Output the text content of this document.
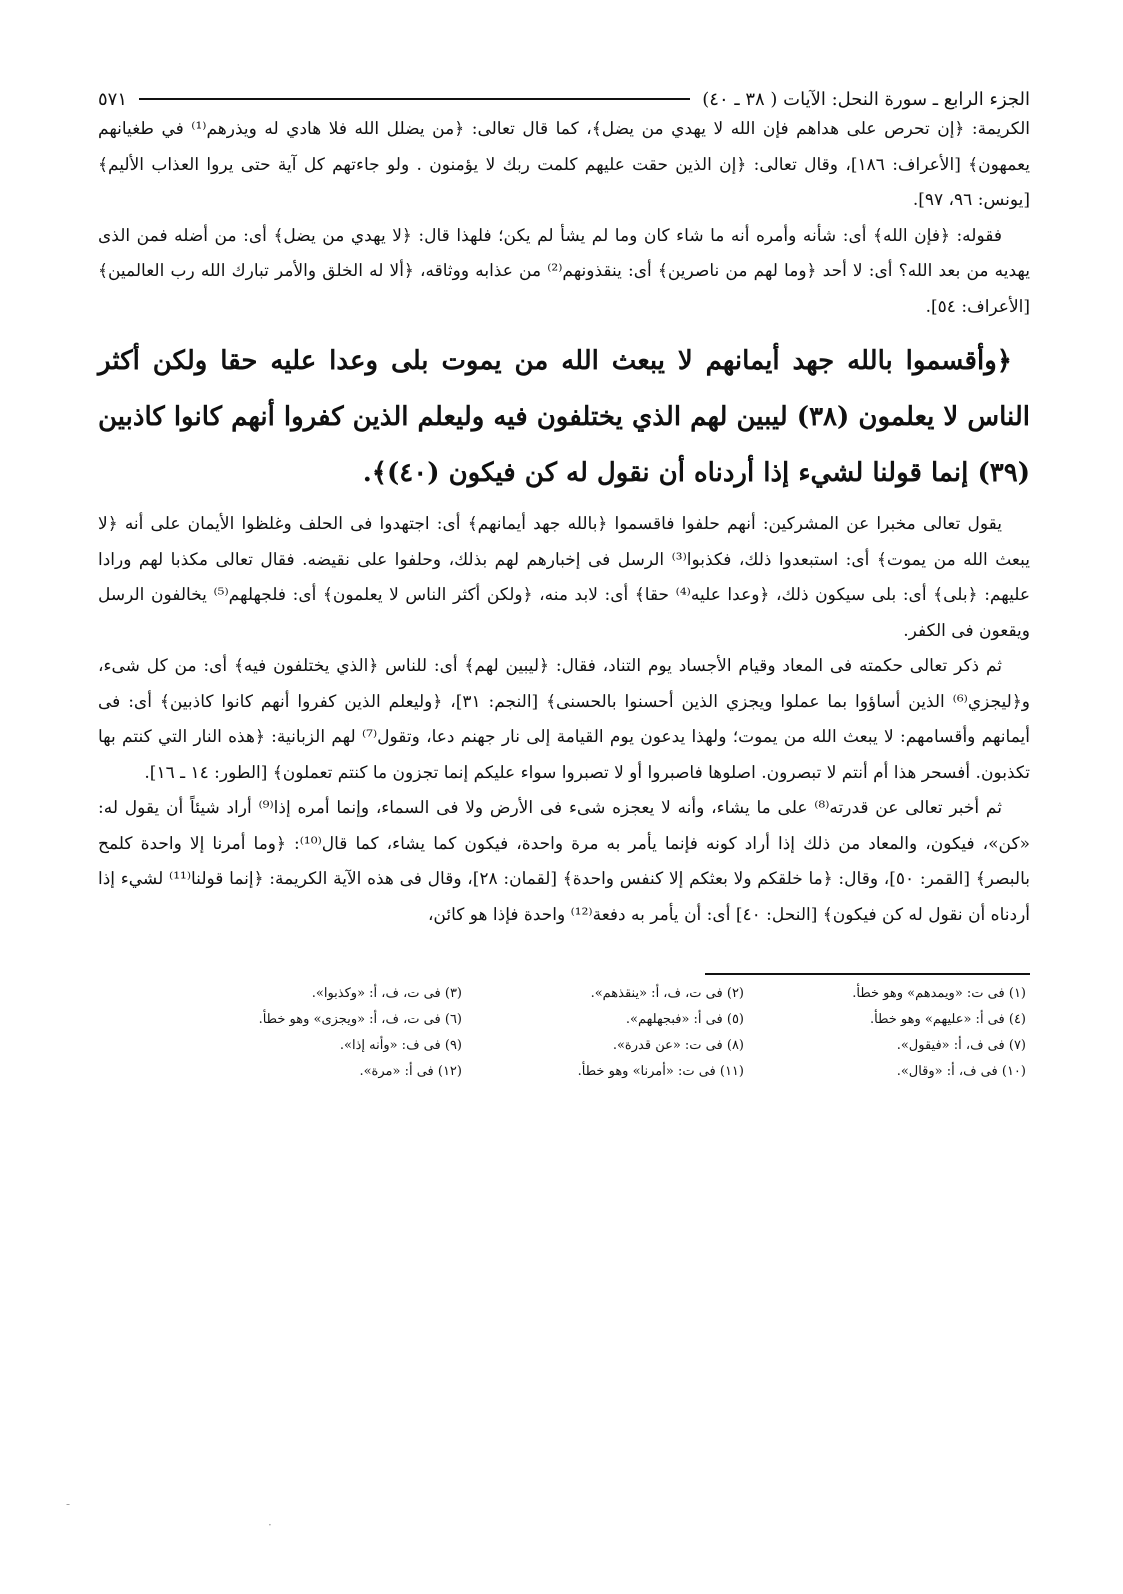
الجزء الرابع ـ سورة النحل: الآيات ( ٣٨ ـ ٤٠)
٥٧١

الكريمة: ﴿إن تحرص على هداهم فإن الله لا يهدي من يضل﴾، كما قال تعالى: ﴿من يضلل الله فلا هادي له ويذرهم⁽¹⁾ في طغيانهم يعمهون﴾ [الأعراف: ١٨٦]، وقال تعالى: ﴿إن الذين حقت عليهم كلمت ربك لا يؤمنون . ولو جاءتهم كل آية حتى يروا العذاب الأليم﴾ [يونس: ٩٦، ٩٧].

فقوله: ﴿فإن الله﴾ أى: شأنه وأمره أنه ما شاء كان وما لم يشأ لم يكن؛ فلهذا قال: ﴿لا يهدي من يضل﴾ أى: من أضله فمن الذى يهديه من بعد الله؟ أى: لا أحد ﴿وما لهم من ناصرين﴾ أى: ينقذونهم⁽²⁾ من عذابه ووثاقه، ﴿ألا له الخلق والأمر تبارك الله رب العالمين﴾ [الأعراف: ٥٤].

﴿وأقسموا بالله جهد أيمانهم لا يبعث الله من يموت بلى وعدا عليه حقا ولكن أكثر الناس لا يعلمون (٣٨) ليبين لهم الذي يختلفون فيه وليعلم الذين كفروا أنهم كانوا كاذبين (٣٩) إنما قولنا لشيء إذا أردناه أن نقول له كن فيكون (٤٠)﴾.

يقول تعالى مخبرا عن المشركين: أنهم حلفوا فاقسموا ﴿بالله جهد أيمانهم﴾ أى: اجتهدوا فى الحلف وغلظوا الأيمان على أنه ﴿لا يبعث الله من يموت﴾ أى: استبعدوا ذلك، فكذبوا⁽³⁾ الرسل فى إخبارهم لهم بذلك، وحلفوا على نقيضه. فقال تعالى مكذبا لهم ورادا عليهم: ﴿بلى﴾ أى: بلى سيكون ذلك، ﴿وعدا عليه⁽⁴⁾ حقا﴾ أى: لابد منه، ﴿ولكن أكثر الناس لا يعلمون﴾ أى: فلجهلهم⁽⁵⁾ يخالفون الرسل ويقعون فى الكفر.

ثم ذكر تعالى حكمته فى المعاد وقيام الأجساد يوم التناد، فقال: ﴿ليبين لهم﴾ أى: للناس ﴿الذي يختلفون فيه﴾ أى: من كل شىء، و﴿ليجزي⁽⁶⁾ الذين أساؤوا بما عملوا ويجزي الذين أحسنوا بالحسنى﴾ [النجم: ٣١]، ﴿وليعلم الذين كفروا أنهم كانوا كاذبين﴾ أى: فى أيمانهم وأقسامهم: لا يبعث الله من يموت؛ ولهذا يدعون يوم القيامة إلى نار جهنم دعا، وتقول⁽⁷⁾ لهم الزبانية: ﴿هذه النار التي كنتم بها تكذبون. أفسحر هذا أم أنتم لا تبصرون. اصلوها فاصبروا أو لا تصبروا سواء عليكم إنما تجزون ما كنتم تعملون﴾ [الطور: ١٤ ـ ١٦].

ثم أخبر تعالى عن قدرته⁽⁸⁾ على ما يشاء، وأنه لا يعجزه شىء فى الأرض ولا فى السماء، وإنما أمره إذا⁽⁹⁾ أراد شيئاً أن يقول له: «كن»، فيكون، والمعاد من ذلك إذا أراد كونه فإنما يأمر به مرة واحدة، فيكون كما يشاء، كما قال⁽¹⁰⁾: ﴿وما أمرنا إلا واحدة كلمح بالبصر﴾ [القمر: ٥٠]، وقال: ﴿ما خلقكم ولا بعثكم إلا كنفس واحدة﴾ [لقمان: ٢٨]، وقال فى هذه الآية الكريمة: ﴿إنما قولنا⁽¹¹⁾ لشيء إذا أردناه أن نقول له كن فيكون﴾ [النحل: ٤٠] أى: أن يأمر به دفعة⁽¹²⁾ واحدة فإذا هو كائن،

(١) فى ت: «ويمدهم» وهو خطأ.
(٢) فى ت، ف، أ: «ينقذهم».
(٣) فى ت، ف، أ: «وكذبوا».
(٤) فى أ: «عليهم» وهو خطأ.
(٥) فى أ: «فبجهلهم».
(٦) فى ت، ف، أ: «ويجزى» وهو خطأ.
(٧) فى ف، أ: «فيقول».
(٨) فى ت: «عن قدرة».
(٩) فى ف: «وأنه إذا».
(١٠) فى ف، أ: «وقال».
(١١) فى ت: «أمرنا» وهو خطأ.
(١٢) فى أ: «مرة».
‐
·
